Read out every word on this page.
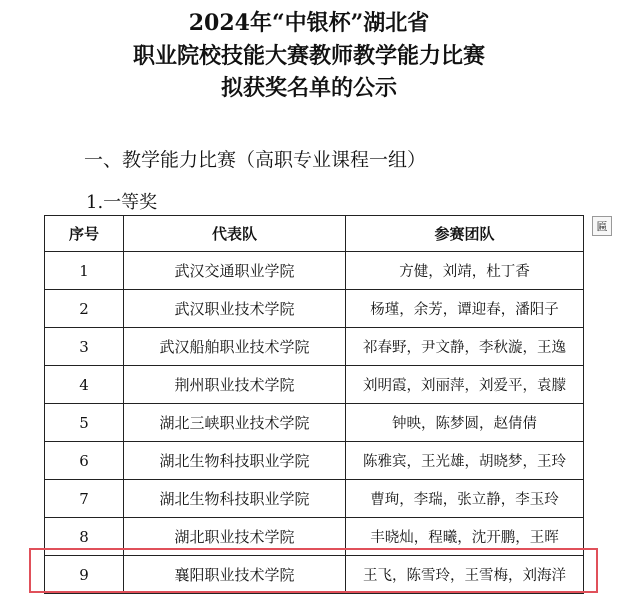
2024年“中银杯”湖北省
职业院校技能大赛教师教学能力比赛
拟获奖名单的公示
一、教学能力比赛（高职专业课程一组）
1.一等奖
匾
序号	代表队	参赛团队
1	武汉交通职业学院	方健，刘靖，杜丁香
2	武汉职业技术学院	杨瑾，余芳，谭迎春，潘阳子
3	武汉船舶职业技术学院	祁春野，尹文静，李秋漩，王逸
4	荆州职业技术学院	刘明霞，刘丽萍，刘爱平，袁朦
5	湖北三峡职业技术学院	钟映，陈梦圆，赵倩倩
6	湖北生物科技职业学院	陈雅宾，王光雄，胡晓梦，王玲
7	湖北生物科技职业学院	曹珣，李瑞，张立静，李玉玲
8	湖北职业技术学院	丰晓灿，程曦，沈开鹏，王晖
9	襄阳职业技术学院	王飞，陈雪玲，王雪梅，刘海洋
